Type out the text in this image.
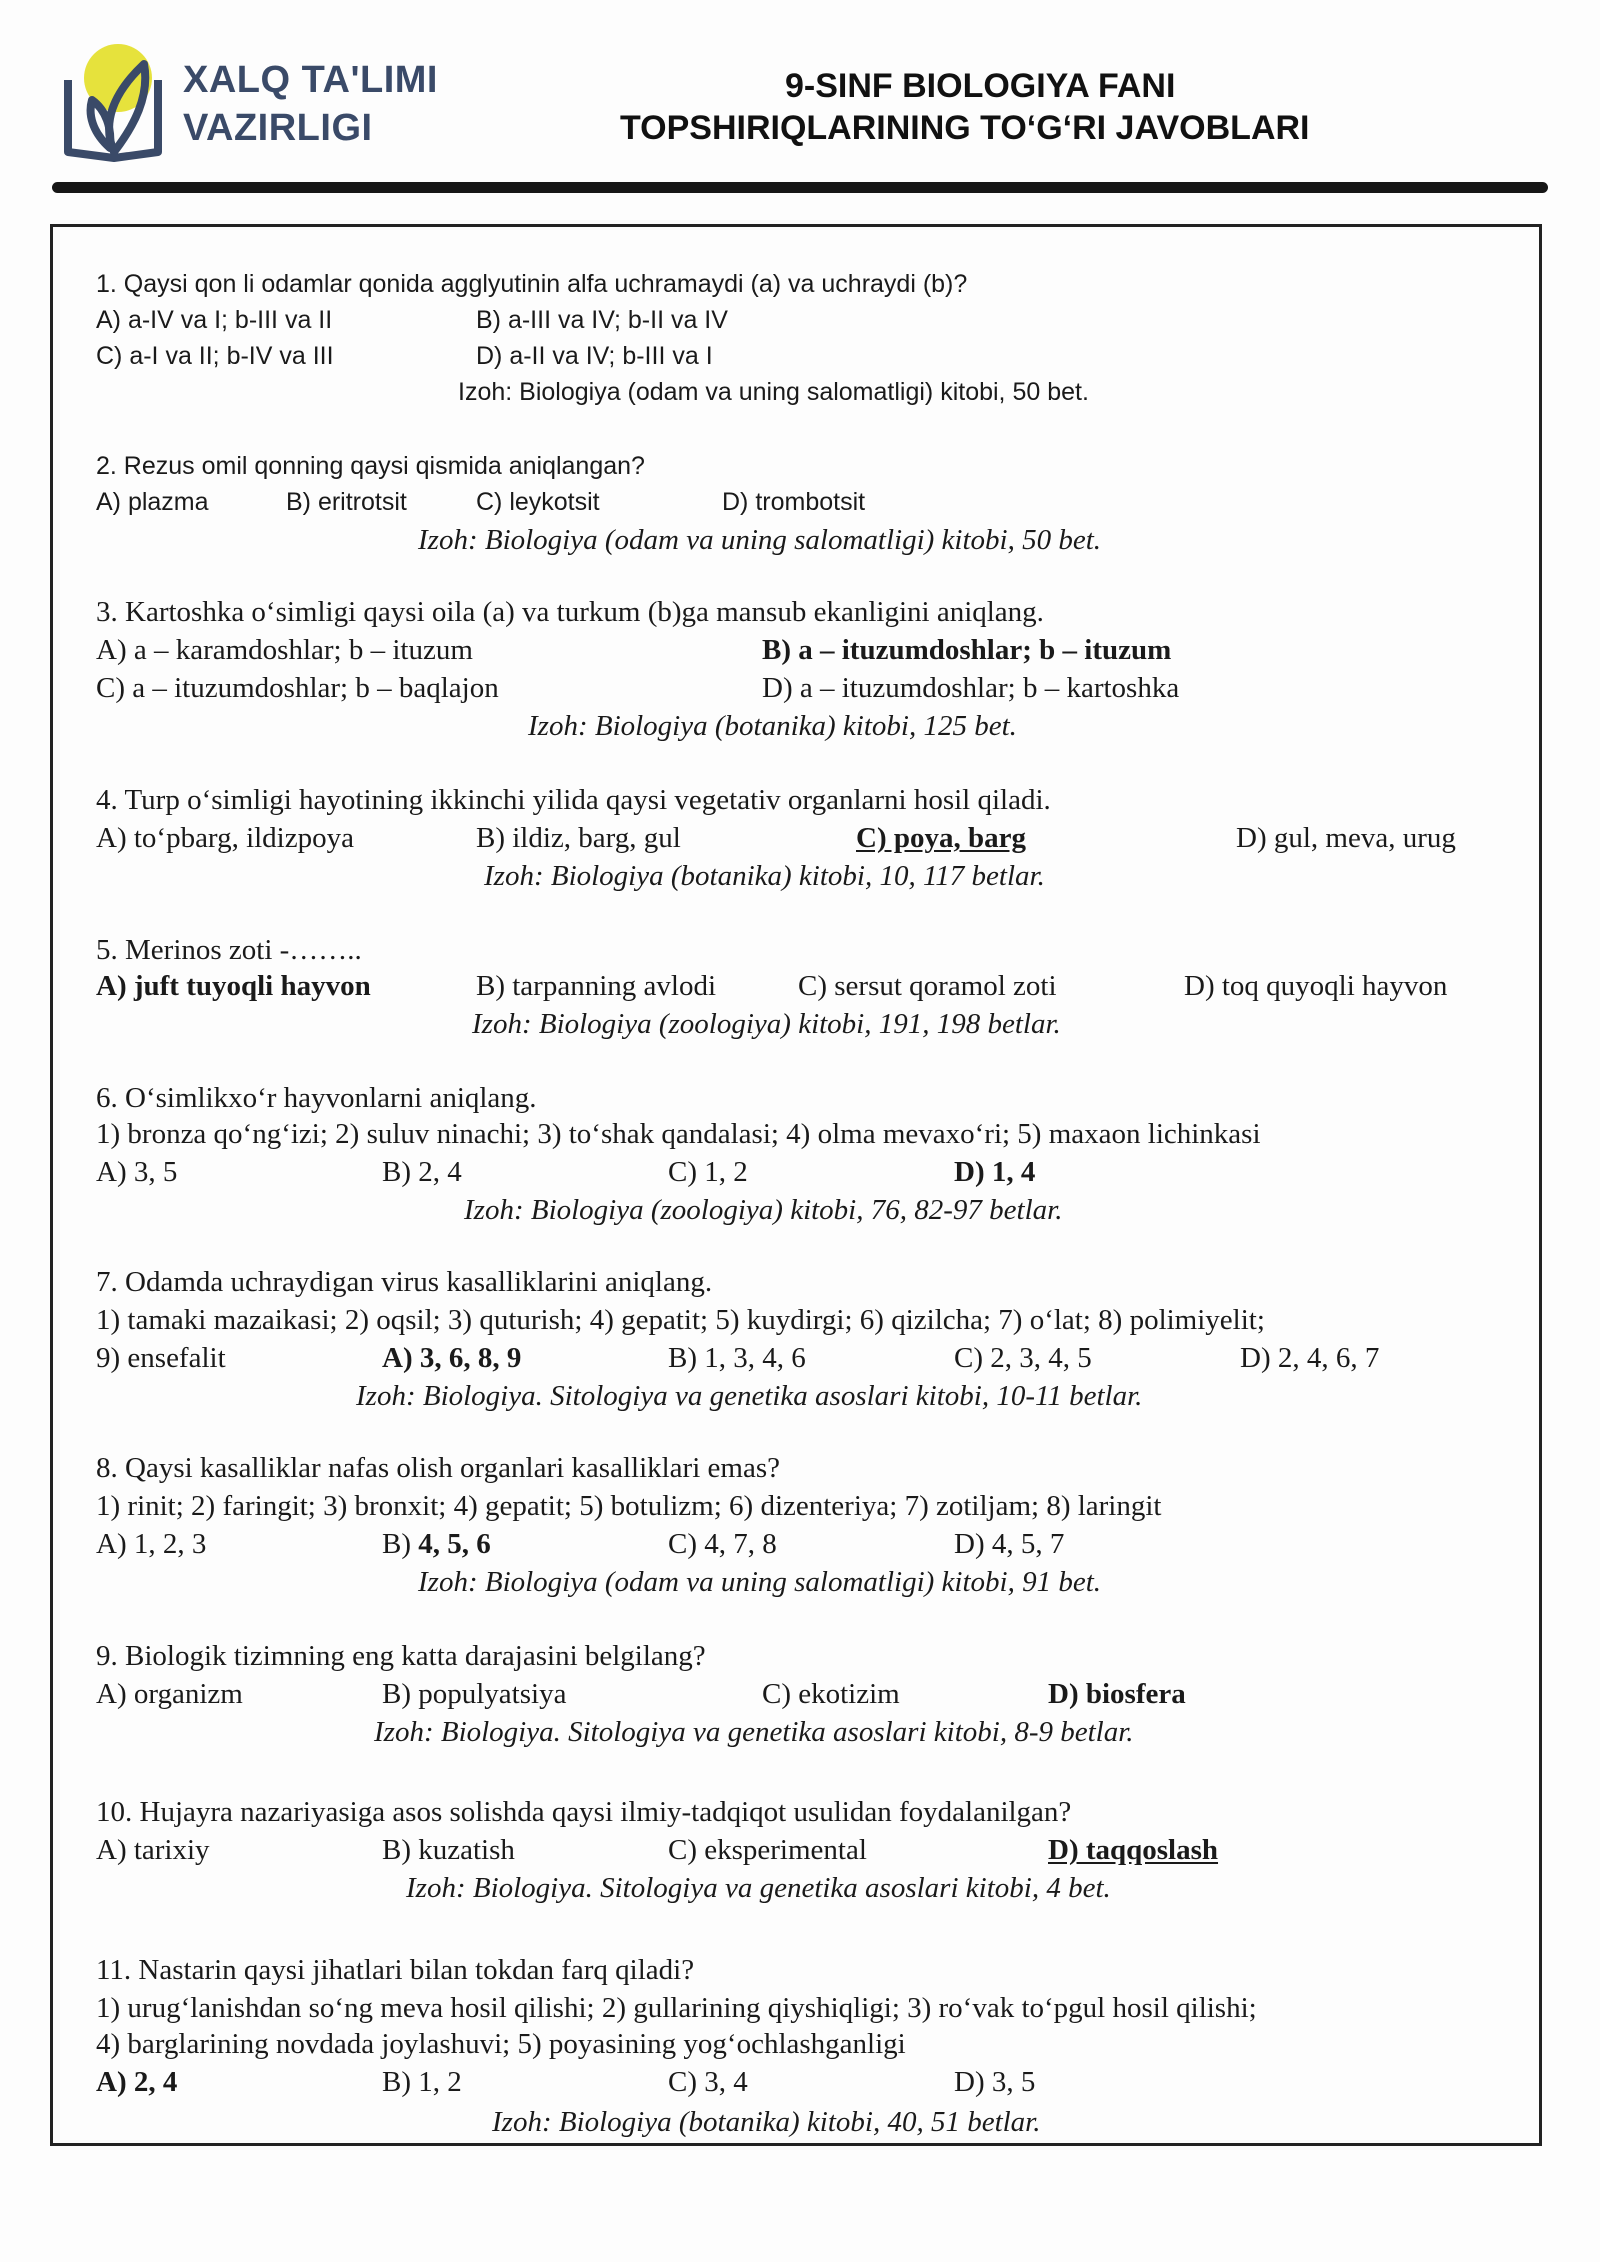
XALQ TA'LIMI
VAZIRLIGI
9-SINF BIOLOGIYA FANI
TOPSHIRIQLARINING TO‘G‘RI JAVOBLARI
1. Qaysi qon li odamlar qonida agglyutinin alfa uchramaydi (a) va uchraydi (b)?
A) a-IV va I; b-III va II	B) a-III va IV; b-II va IV
C) a-I va II; b-IV va III	D) a-II va IV; b-III va I
Izoh: Biologiya (odam va uning salomatligi) kitobi, 50 bet.
2. Rezus omil qonning qaysi qismida aniqlangan?
A) plazma	B) eritrotsit	C) leykotsit	D) trombotsit
Izoh: Biologiya (odam va uning salomatligi) kitobi, 50 bet.
3. Kartoshka o‘simligi qaysi oila (a) va turkum (b)ga mansub ekanligini aniqlang.
A) a – karamdoshlar; b – ituzum	B) a – ituzumdoshlar; b – ituzum
C) a – ituzumdoshlar; b – baqlajon	D) a – ituzumdoshlar; b – kartoshka
Izoh: Biologiya (botanika) kitobi, 125 bet.
4. Turp o‘simligi hayotining ikkinchi yilida qaysi vegetativ organlarni hosil qiladi.
A) to‘pbarg, ildizpoya	B) ildiz, barg, gul	C) poya, barg	D) gul, meva, urug
Izoh: Biologiya (botanika) kitobi, 10, 117 betlar.
5. Merinos zoti -……..
A) juft tuyoqli hayvon	B) tarpanning avlodi	C) sersut qoramol zoti	D) toq quyoqli hayvon
Izoh: Biologiya (zoologiya) kitobi, 191, 198 betlar.
6. O‘simlikxo‘r hayvonlarni aniqlang.
1) bronza qo‘ng‘izi; 2) suluv ninachi; 3) to‘shak qandalasi; 4) olma mevaxo‘ri; 5) maxaon lichinkasi
A) 3, 5	B) 2, 4	C) 1, 2	D) 1, 4
Izoh: Biologiya (zoologiya) kitobi, 76, 82-97 betlar.
7. Odamda uchraydigan virus kasalliklarini aniqlang.
1) tamaki mazaikasi; 2) oqsil; 3) quturish; 4) gepatit; 5) kuydirgi; 6) qizilcha; 7) o‘lat; 8) polimiyelit;
9) ensefalit	A) 3, 6, 8, 9	B) 1, 3, 4, 6	C) 2, 3, 4, 5	D) 2, 4, 6, 7
Izoh: Biologiya. Sitologiya va genetika asoslari kitobi, 10-11 betlar.
8. Qaysi kasalliklar nafas olish organlari kasalliklari emas?
1) rinit; 2) faringit; 3) bronxit; 4) gepatit; 5) botulizm; 6) dizenteriya; 7) zotiljam; 8) laringit
A) 1, 2, 3	B) 4, 5, 6	C) 4, 7, 8	D) 4, 5, 7
Izoh: Biologiya (odam va uning salomatligi) kitobi, 91 bet.
9. Biologik tizimning eng katta darajasini belgilang?
A) organizm	B) populyatsiya	C) ekotizim	D) biosfera
Izoh: Biologiya. Sitologiya va genetika asoslari kitobi, 8-9 betlar.
10. Hujayra nazariyasiga asos solishda qaysi ilmiy-tadqiqot usulidan foydalanilgan?
A) tarixiy	B) kuzatish	C) eksperimental	D) taqqoslash
Izoh: Biologiya. Sitologiya va genetika asoslari kitobi, 4 bet.
11. Nastarin qaysi jihatlari bilan tokdan farq qiladi?
1) urug‘lanishdan so‘ng meva hosil qilishi; 2) gullarining qiyshiqligi; 3) ro‘vak to‘pgul hosil qilishi;
4) barglarining novdada joylashuvi; 5) poyasining yog‘ochlashganligi
A) 2, 4	B) 1, 2	C) 3, 4	D) 3, 5
Izoh: Biologiya (botanika) kitobi, 40, 51 betlar.
